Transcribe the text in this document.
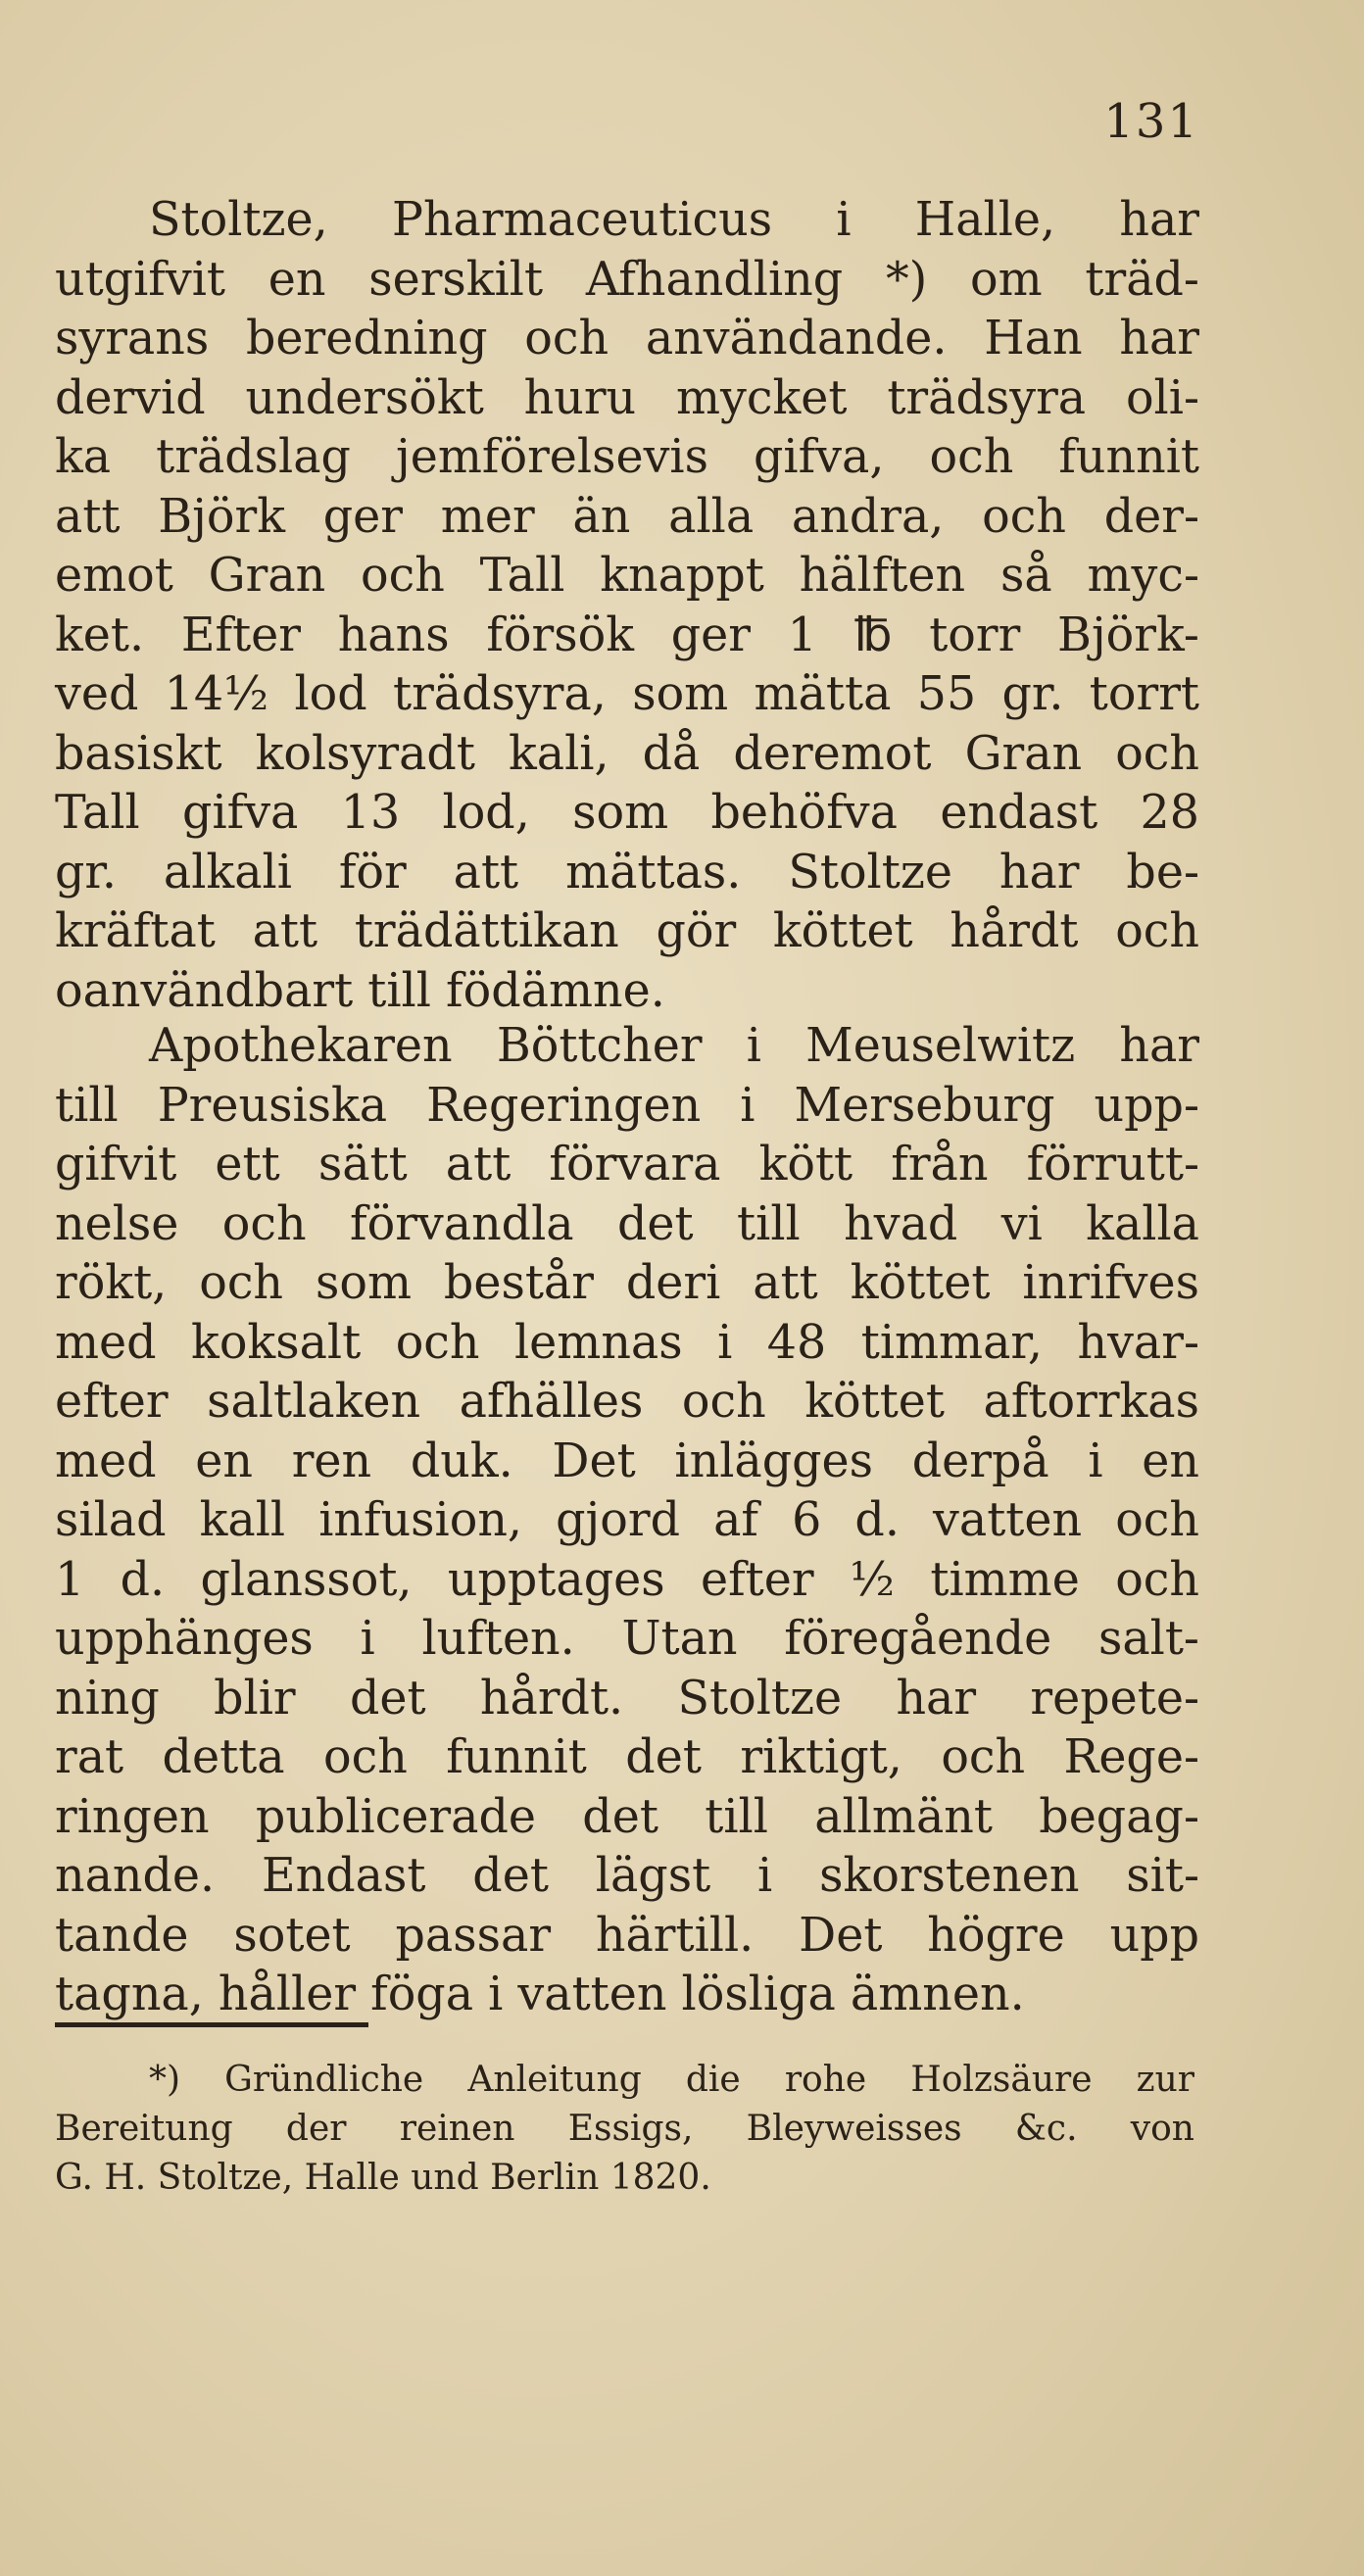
131
Stoltze, Pharmaceuticus i Halle, har
utgifvit en serskilt Afhandling *) om träd-
syrans beredning och användande. Han har
dervid undersökt huru mycket trädsyra oli-
ka trädslag jemförelsevis gifva, och funnit
att Björk ger mer än alla andra, och der-
emot Gran och Tall knappt hälften så myc-
ket. Efter hans försök ger 1 ℔ torr Björk-
ved 14½ lod trädsyra, som mätta 55 gr. torrt
basiskt kolsyradt kali, då deremot Gran och
Tall gifva 13 lod, som behöfva endast 28
gr. alkali för att mättas. Stoltze har be-
kräftat att trädättikan gör köttet hårdt och
oanvändbart till födämne.
Apothekaren Böttcher i Meuselwitz har
till Preusiska Regeringen i Merseburg upp-
gifvit ett sätt att förvara kött från förrutt-
nelse och förvandla det till hvad vi kalla
rökt, och som består deri att köttet inrifves
med koksalt och lemnas i 48 timmar, hvar-
efter saltlaken afhälles och köttet aftorrkas
med en ren duk. Det inlägges derpå i en
silad kall infusion, gjord af 6 d. vatten och
1 d. glanssot, upptages efter ½ timme och
upphänges i luften. Utan föregående salt-
ning blir det hårdt. Stoltze har repete-
rat detta och funnit det riktigt, och Rege-
ringen publicerade det till allmänt begag-
nande. Endast det lägst i skorstenen sit-
tande sotet passar härtill. Det högre upp
tagna, håller föga i vatten lösliga ämnen.
*) Gründliche Anleitung die rohe Holzsäure zur
Bereitung der reinen Essigs, Bleyweisses &c. von
G. H. Stoltze, Halle und Berlin 1820.
